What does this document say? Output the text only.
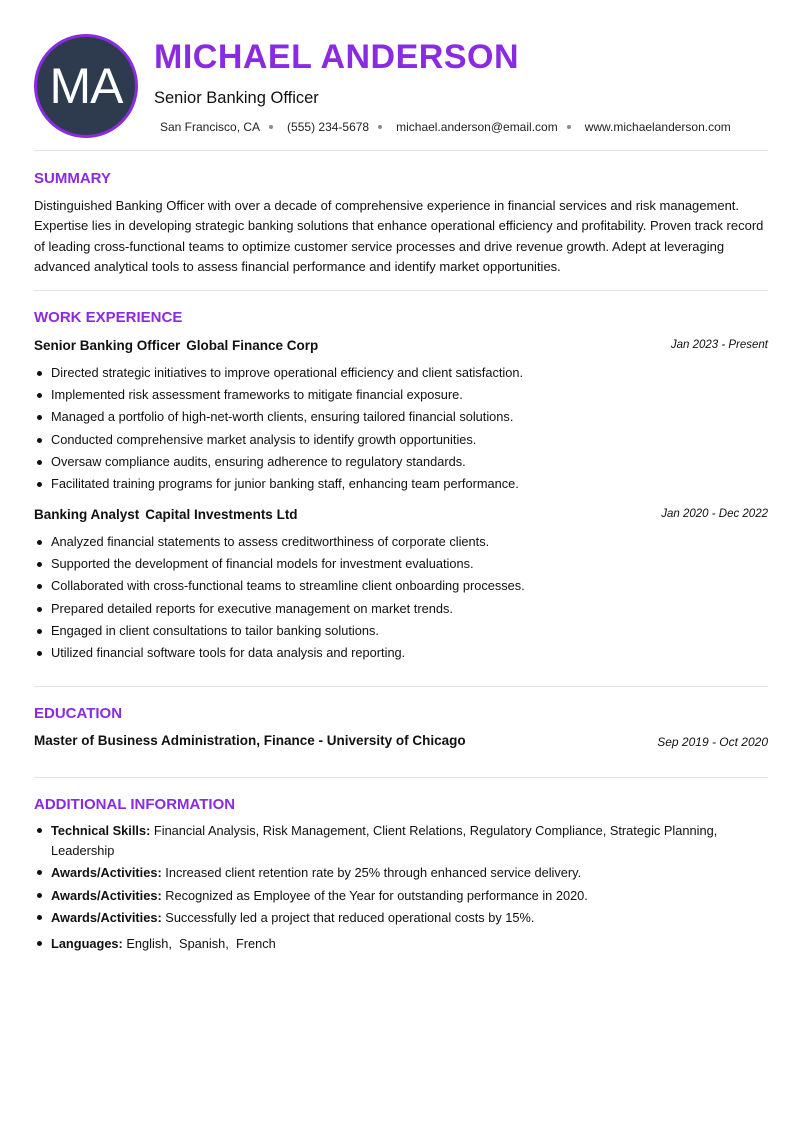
MA
MICHAEL ANDERSON
Senior Banking Officer
San Francisco, CA (555) 234-5678 michael.anderson@email.com www.michaelanderson.com
SUMMARY

Distinguished Banking Officer with over a decade of comprehensive experience in financial services and risk management. Expertise lies in developing strategic banking solutions that enhance operational efficiency and profitability. Proven track record of leading cross-functional teams to optimize customer service processes and drive revenue growth. Adept at leveraging advanced analytical tools to assess financial performance and identify market opportunities.

WORK EXPERIENCE
Senior Banking Officer Global Finance Corp	Jan 2023 - Present
Directed strategic initiatives to improve operational efficiency and client satisfaction.
Implemented risk assessment frameworks to mitigate financial exposure.
Managed a portfolio of high-net-worth clients, ensuring tailored financial solutions.
Conducted comprehensive market analysis to identify growth opportunities.
Oversaw compliance audits, ensuring adherence to regulatory standards.
Facilitated training programs for junior banking staff, enhancing team performance.
Banking Analyst Capital Investments Ltd	Jan 2020 - Dec 2022
Analyzed financial statements to assess creditworthiness of corporate clients.
Supported the development of financial models for investment evaluations.
Collaborated with cross-functional teams to streamline client onboarding processes.
Prepared detailed reports for executive management on market trends.
Engaged in client consultations to tailor banking solutions.
Utilized financial software tools for data analysis and reporting.
EDUCATION
Master of Business Administration, Finance - University of Chicago	Sep 2019 - Oct 2020
ADDITIONAL INFORMATION
Technical Skills: Financial Analysis, Risk Management, Client Relations, Regulatory Compliance, Strategic Planning, Leadership
Awards/Activities: Increased client retention rate by 25% through enhanced service delivery.
Awards/Activities: Recognized as Employee of the Year for outstanding performance in 2020.
Awards/Activities: Successfully led a project that reduced operational costs by 15%.
Languages: English,  Spanish,  French
